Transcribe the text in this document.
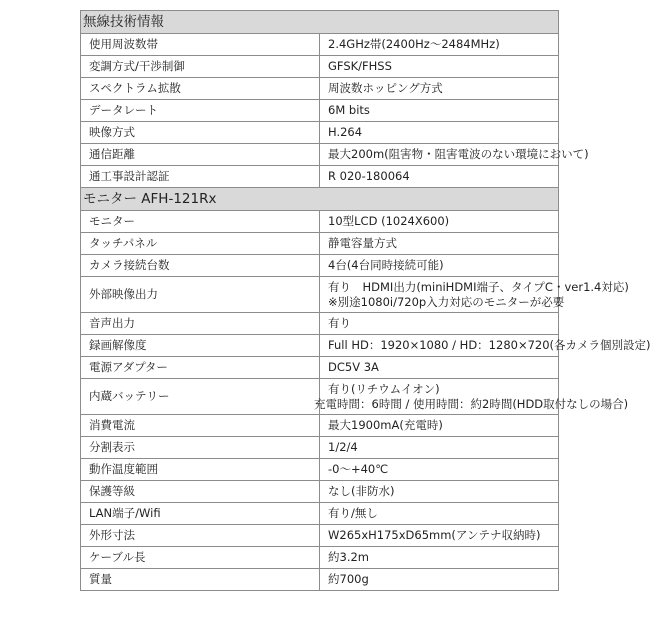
無線技術情報	
使用周波数帯	2.4GHz帯(2400Hz～2484MHz)
変調方式/干渉制御	GFSK/FHSS
スペクトラム拡散	周波数ホッピング方式
データレート	6M bits
映像方式	H.264
通信距離	最大200m(阻害物・阻害電波のない環境において)
通工事設計認証	R 020-180064
モニター AFH-121Rx	
モニター	10型LCD (1024X600)
タッチパネル	静電容量方式
カメラ接続台数	4台(4台同時接続可能)
外部映像出力	有り　HDMI出力(miniHDMI端子、タイプC・ver1.4対応)
※別途1080i/720p入力対応のモニターが必要

音声出力	有り
録画解像度	Full HD：1920×1080 / HD：1280×720(各カメラ個別設定)
電源アダプター	DC5V 3A
内蔵バッテリー	有り(リチウムイオン)
充電時間：6時間 / 使用時間：約2時間(HDD取付なしの場合)

消費電流	最大1900mA(充電時)
分割表示	1/2/4
動作温度範囲	-0～+40℃
保護等級	なし(非防水)
LAN端子/Wifi	有り/無し
外形寸法	W265xH175xD65mm(アンテナ収納時)
ケーブル長	約3.2m
質量	約700g
